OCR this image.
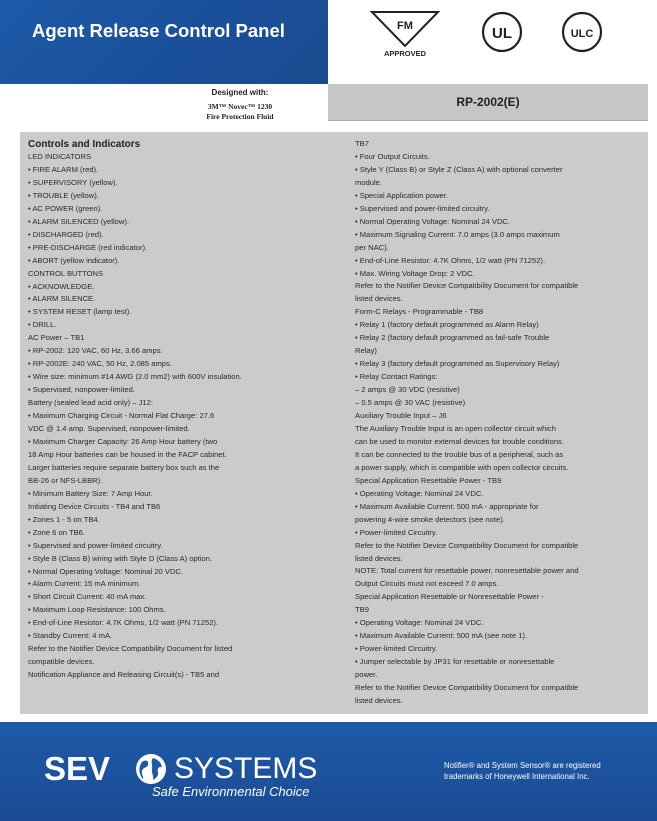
Agent Release Control Panel	FM
APPROVED
UL	ULC
Designed with:
3M™ Novec™ 1230
Fire Protection Fluid
RP-2002(E)
Controls and Indicators
LED INDICATORS
• FIRE ALARM (red).
• SUPERVISORY (yellow).
• TROUBLE (yellow).
• AC POWER (green).
• ALARM SILENCED (yellow).
• DISCHARGED (red).
• PRE-DISCHARGE (red indicator).
• ABORT (yellow indicator).
CONTROL BUTTONS
• ACKNOWLEDGE.
• ALARM SILENCE.
• SYSTEM RESET (lamp test).
• DRILL.
AC Power – TB1
• RP-2002: 120 VAC, 60 Hz, 3.66 amps.
• RP-2002E: 240 VAC, 50 Hz, 2.085 amps.
• Wire size: minimum #14 AWG (2.0 mm2) with 600V insulation.
• Supervised, nonpower-limited.
Battery (sealed lead acid only) – J12:
• Maximum Charging Circuit - Normal Flat Charge: 27.6
VDC @ 1.4 amp. Supervised, nonpower-limited.
• Maximum Charger Capacity: 26 Amp Hour battery (two
18 Amp Hour batteries can be housed in the FACP cabinet.
Larger batteries require separate battery box such as the
BB-26 or NFS-LBBR).
• Minimum Battery Size: 7 Amp Hour.
Initiating Device Circuits - TB4 and TB6
• Zones 1 - 5 on TB4.
• Zone 6 on TB6.
• Supervised and power-limited circuitry.
• Style B (Class B) wiring with Style D (Class A) option.
• Normal Operating Voltage: Nominal 20 VDC.
• Alarm Current: 15 mA minimum.
• Short Circuit Current: 40 mA max.
• Maximum Loop Resistance: 100 Ohms.
• End-of-Line Resistor: 4.7K Ohms, 1/2 watt (PN 71252).
• Standby Current: 4 mA.
Refer to the Notifier Device Compatibility Document for listed
compatible devices.
Notification Appliance and Releasing Circuit(s) - TB5 and
TB7
• Four Output Circuits.
• Style Y (Class B) or Style Z (Class A) with optional converter
module.
• Special Application power.
• Supervised and power-limited circuitry.
• Normal Operating Voltage: Nominal 24 VDC.
• Maximum Signaling Current: 7.0 amps (3.0 amps maximum
per NAC).
• End-of-Line Resistor: 4.7K Ohms, 1/2 watt (PN 71252).
• Max. Wiring Voltage Drop: 2 VDC.
Refer to the Notifier Device Compatibility Document for compatible
listed devices.
Form-C Relays - Programmable - TB8
• Relay 1 (factory default programmed as Alarm Relay)
• Relay 2 (factory default programmed as fail-safe Trouble
Relay)
• Relay 3 (factory default programmed as Supervisory Relay)
• Relay Contact Ratings:
– 2 amps @ 30 VDC (resistive)
– 0.5 amps @ 30 VAC (resistive)
Auxiliary Trouble Input – J6
The Auxiliary Trouble Input is an open collector circuit which
can be used to monitor external devices for trouble conditions.
It can be connected to the trouble bus of a peripheral, such as
a power supply, which is compatible with open collector circuits.
Special Application Resettable Power - TB9
• Operating Voltage: Nominal 24 VDC.
• Maximum Available Current: 500 mA - appropriate for
powering 4-wire smoke detectors (see note).
• Power-limited Circuitry.
Refer to the Notifier Device Compatibility Document for compatible
listed devices.
NOTE: Total current for resettable power, nonresettable power and
Output Circuits must not exceed 7.0 amps.
Special Application Resettable or Nonresettable Power -
TB9
• Operating Voltage: Nominal 24 VDC.
• Maximum Available Current: 500 mA (see note 1).
• Power-limited Circuitry.
• Jumper selectable by JP31 for resettable or nonresettable
power.
Refer to the Notifier Device Compatibility Document for compatible
listed devices.
SEV SYSTEMS
Safe Environmental Choice
Notifier® and System Sensor® are registered
trademarks of Honeywell International Inc.
